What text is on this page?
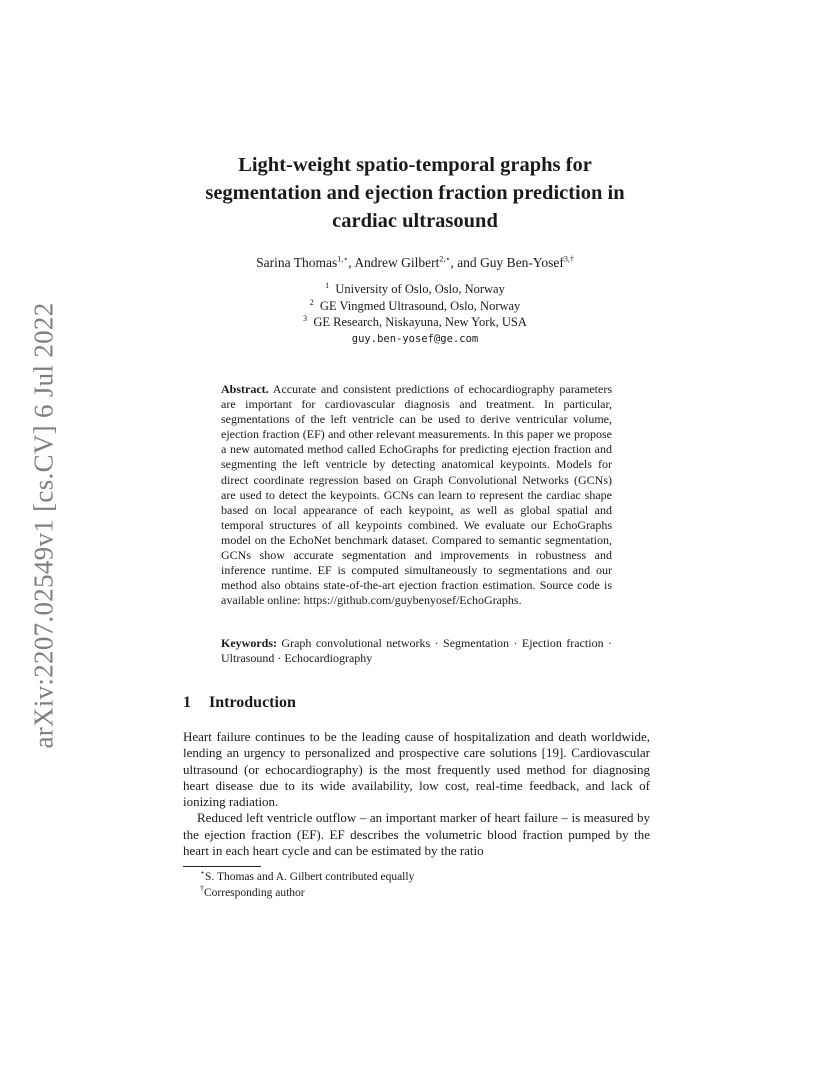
arXiv:2207.02549v1 [cs.CV] 6 Jul 2022
Light-weight spatio-temporal graphs for
segmentation and ejection fraction prediction in
cardiac ultrasound
Sarina Thomas$^{1,⋆}$, Andrew Gilbert$^{2,⋆}$, and Guy Ben-Yosef$^{3,\dagger}$
$^1$ University of Oslo, Oslo, Norway
$^2$ GE Vingmed Ultrasound, Oslo, Norway
$^3$ GE Research, Niskayuna, New York, USA
guy.ben-yosef@ge.com
Abstract. Accurate and consistent predictions of echocardiography parameters are important for cardiovascular diagnosis and treatment. In particular, segmentations of the left ventricle can be used to derive ventricular volume, ejection fraction (EF) and other relevant measurements. In this paper we propose a new automated method called EchoGraphs for predicting ejection fraction and segmenting the left ventricle by detecting anatomical keypoints. Models for direct coordinate regression based on Graph Convolutional Networks (GCNs) are used to detect the keypoints. GCNs can learn to represent the cardiac shape based on local appearance of each keypoint, as well as global spatial and temporal structures of all keypoints combined. We evaluate our EchoGraphs model on the EchoNet benchmark dataset. Compared to semantic segmentation, GCNs show accurate segmentation and improvements in robustness and inference runtime. EF is computed simultaneously to segmentations and our method also obtains state-of-the-art ejection fraction estimation. Source code is available online: https://github.com/guybenyosef/EchoGraphs.
Keywords: Graph convolutional networks · Segmentation · Ejection fraction · Ultrasound · Echocardiography
1 Introduction

Heart failure continues to be the leading cause of hospitalization and death worldwide, lending an urgency to personalized and prospective care solutions [19]. Cardiovascular ultrasound (or echocardiography) is the most frequently used method for diagnosing heart disease due to its wide availability, low cost, real-time feedback, and lack of ionizing radiation.

Reduced left ventricle outflow – an important marker of heart failure – is measured by the ejection fraction (EF). EF describes the volumetric blood fraction pumped by the heart in each heart cycle and can be estimated by the ratio

⋆S. Thomas and A. Gilbert contributed equally
†Corresponding author
